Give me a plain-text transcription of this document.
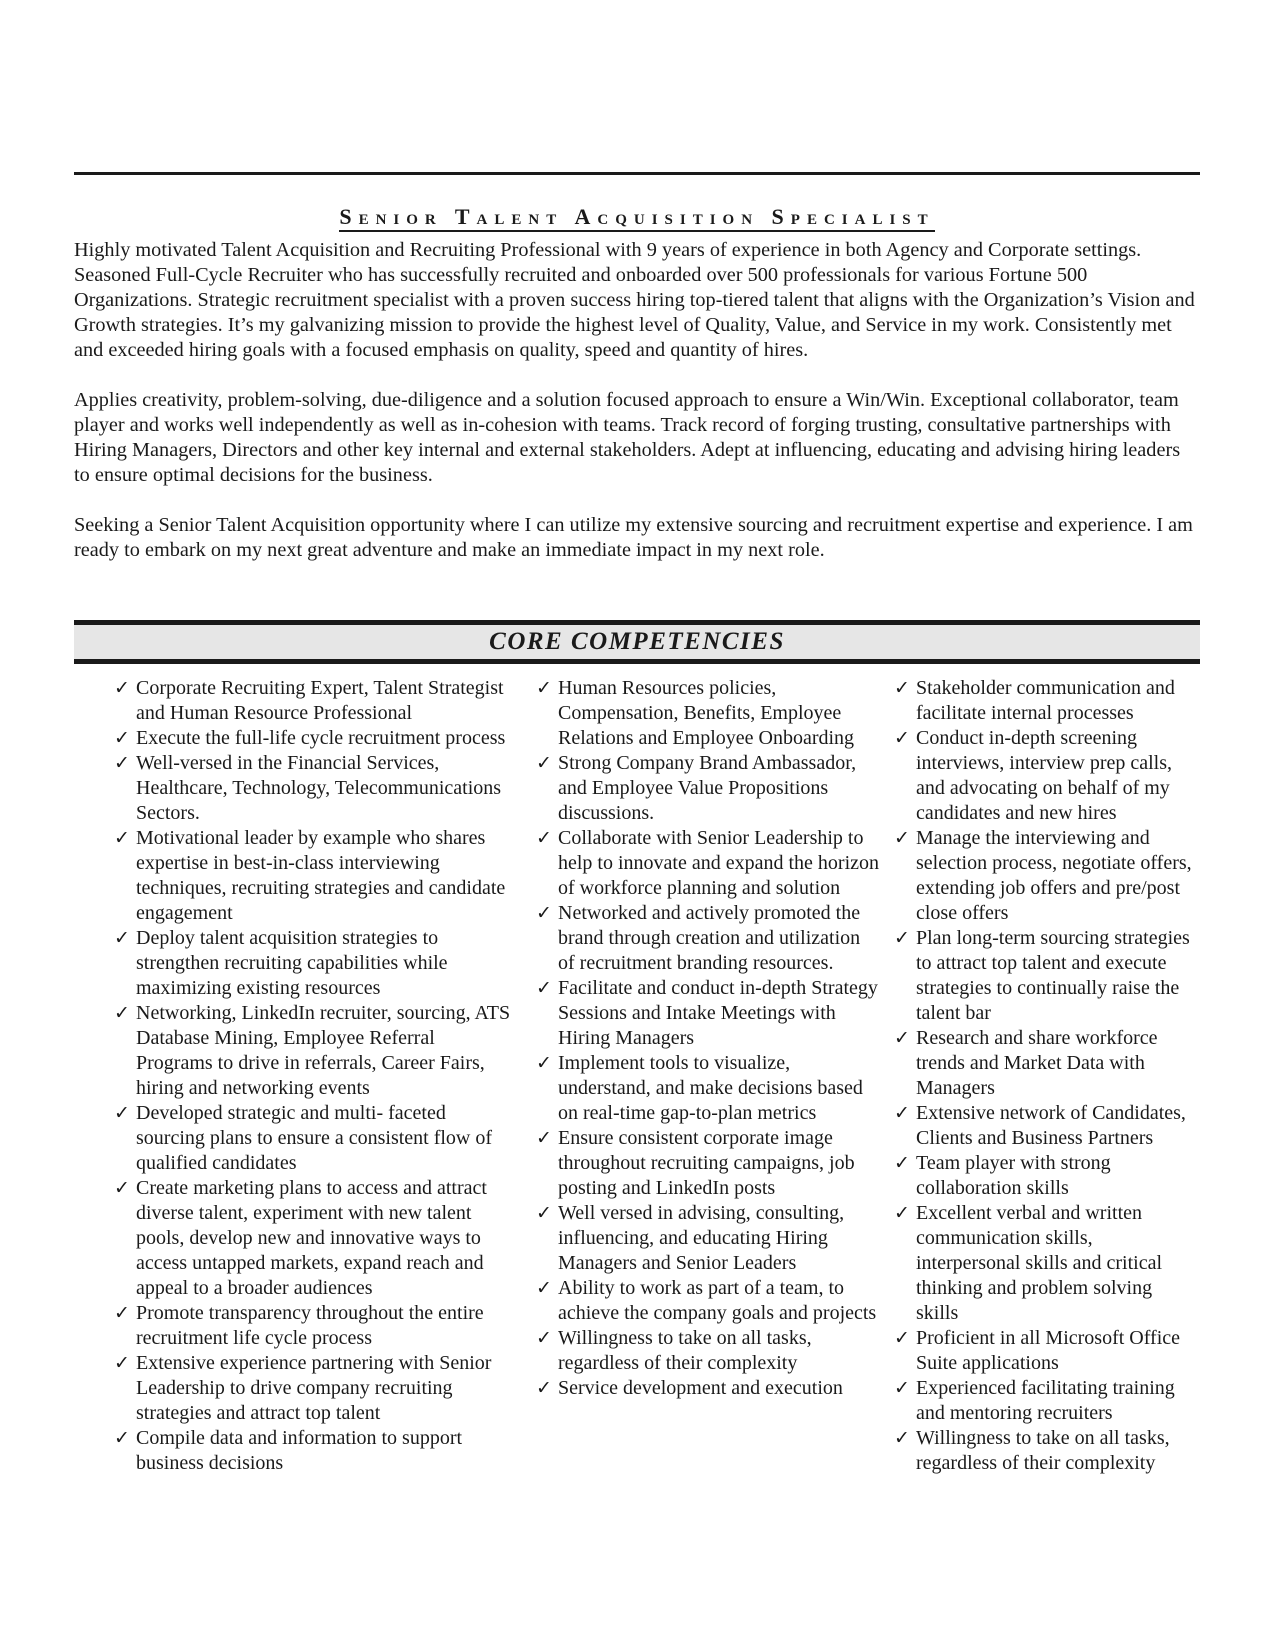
Senior Talent Acquisition Specialist

Highly motivated Talent Acquisition and Recruiting Professional with 9 years of experience in both Agency and Corporate settings. Seasoned Full-Cycle Recruiter who has successfully recruited and onboarded over 500 professionals for various Fortune 500 Organizations. Strategic recruitment specialist with a proven success hiring top-tiered talent that aligns with the Organization’s Vision and Growth strategies. It’s my galvanizing mission to provide the highest level of Quality, Value, and Service in my work. Consistently met and exceeded hiring goals with a focused emphasis on quality, speed and quantity of hires.

Applies creativity, problem-solving, due-diligence and a solution focused approach to ensure a Win/Win. Exceptional collaborator, team player and works well independently as well as in-cohesion with teams. Track record of forging trusting, consultative partnerships with Hiring Managers, Directors and other key internal and external stakeholders. Adept at influencing, educating and advising hiring leaders to ensure optimal decisions for the business.

Seeking a Senior Talent Acquisition opportunity where I can utilize my extensive sourcing and recruitment expertise and experience. I am ready to embark on my next great adventure and make an immediate impact in my next role.

CORE COMPETENCIES
✓ Corporate Recruiting Expert, Talent Strategist and Human Resource Professional
✓ Execute the full-life cycle recruitment process
✓ Well-versed in the Financial Services, Healthcare, Technology, Telecommunications Sectors.
✓ Motivational leader by example who shares expertise in best-in-class interviewing techniques, recruiting strategies and candidate engagement
✓ Deploy talent acquisition strategies to strengthen recruiting capabilities while maximizing existing resources
✓ Networking, LinkedIn recruiter, sourcing, ATS Database Mining, Employee Referral Programs to drive in referrals, Career Fairs, hiring and networking events
✓ Developed strategic and multi- faceted sourcing plans to ensure a consistent flow of qualified candidates
✓ Create marketing plans to access and attract diverse talent, experiment with new talent pools, develop new and innovative ways to access untapped markets, expand reach and appeal to a broader audiences
✓ Promote transparency throughout the entire recruitment life cycle process
✓ Extensive experience partnering with Senior Leadership to drive company recruiting strategies and attract top talent
✓ Compile data and information to support business decisions
✓ Human Resources policies, Compensation, Benefits, Employee Relations and Employee Onboarding
✓ Strong Company Brand Ambassador, and Employee Value Propositions discussions.
✓ Collaborate with Senior Leadership to help to innovate and expand the horizon of workforce planning and solution
✓ Networked and actively promoted the brand through creation and utilization of recruitment branding resources.
✓ Facilitate and conduct in-depth Strategy Sessions and Intake Meetings with Hiring Managers
✓ Implement tools to visualize, understand, and make decisions based on real-time gap-to-plan metrics
✓ Ensure consistent corporate image throughout recruiting campaigns, job posting and LinkedIn posts
✓ Well versed in advising, consulting, influencing, and educating Hiring Managers and Senior Leaders
✓ Ability to work as part of a team, to achieve the company goals and projects
✓ Willingness to take on all tasks, regardless of their complexity
✓ Service development and execution
✓ Stakeholder communication and facilitate internal processes
✓ Conduct in-depth screening interviews, interview prep calls, and advocating on behalf of my candidates and new hires
✓ Manage the interviewing and selection process, negotiate offers, extending job offers and pre/post close offers
✓ Plan long-term sourcing strategies to attract top talent and execute strategies to continually raise the talent bar
✓ Research and share workforce trends and Market Data with Managers
✓ Extensive network of Candidates, Clients and Business Partners
✓ Team player with strong collaboration skills
✓ Excellent verbal and written communication skills, interpersonal skills and critical thinking and problem solving skills
✓ Proficient in all Microsoft Office Suite applications
✓ Experienced facilitating training and mentoring recruiters
✓ Willingness to take on all tasks, regardless of their complexity
